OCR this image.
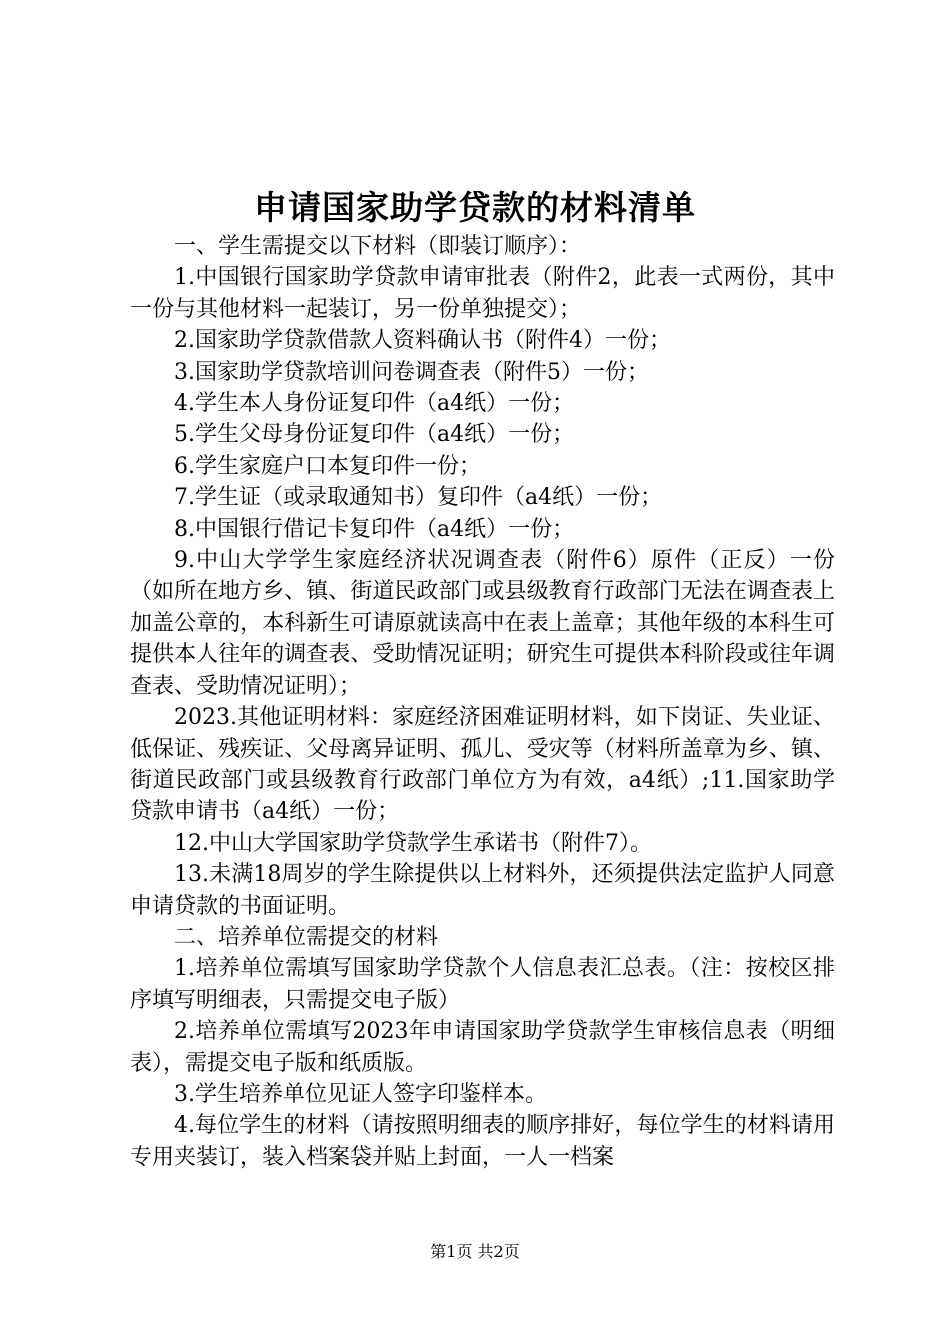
申请国家助学贷款的材料清单

一、学生需提交以下材料（即装订顺序）：

1.中国银行国家助学贷款申请审批表（附件2，此表一式两份，其中一份与其他材料一起装订，另一份单独提交）；

2.国家助学贷款借款人资料确认书（附件4）一份；

3.国家助学贷款培训问卷调查表（附件5）一份；

4.学生本人身份证复印件（a4纸）一份；

5.学生父母身份证复印件（a4纸）一份；

6.学生家庭户口本复印件一份；

7.学生证（或录取通知书）复印件（a4纸）一份；

8.中国银行借记卡复印件（a4纸）一份；

9.中山大学学生家庭经济状况调查表（附件6）原件（正反）一份（如所在地方乡、镇、街道民政部门或县级教育行政部门无法在调查表上加盖公章的，本科新生可请原就读高中在表上盖章；其他年级的本科生可提供本人往年的调查表、受助情况证明；研究生可提供本科阶段或往年调查表、受助情况证明）；

2023.其他证明材料：家庭经济困难证明材料，如下岗证、失业证、低保证、残疾证、父母离异证明、孤儿、受灾等（材料所盖章为乡、镇、街道民政部门或县级教育行政部门单位方为有效，a4纸）;11.国家助学贷款申请书（a4纸）一份；

12.中山大学国家助学贷款学生承诺书（附件7）。

13.未满18周岁的学生除提供以上材料外，还须提供法定监护人同意申请贷款的书面证明。

二、培养单位需提交的材料

1.培养单位需填写国家助学贷款个人信息表汇总表。（注：按校区排序填写明细表，只需提交电子版）

2.培养单位需填写2023年申请国家助学贷款学生审核信息表（明细表），需提交电子版和纸质版。

3.学生培养单位见证人签字印鉴样本。

4.每位学生的材料（请按照明细表的顺序排好，每位学生的材料请用专用夹装订，装入档案袋并贴上封面，一人一档案

第1页 共2页
